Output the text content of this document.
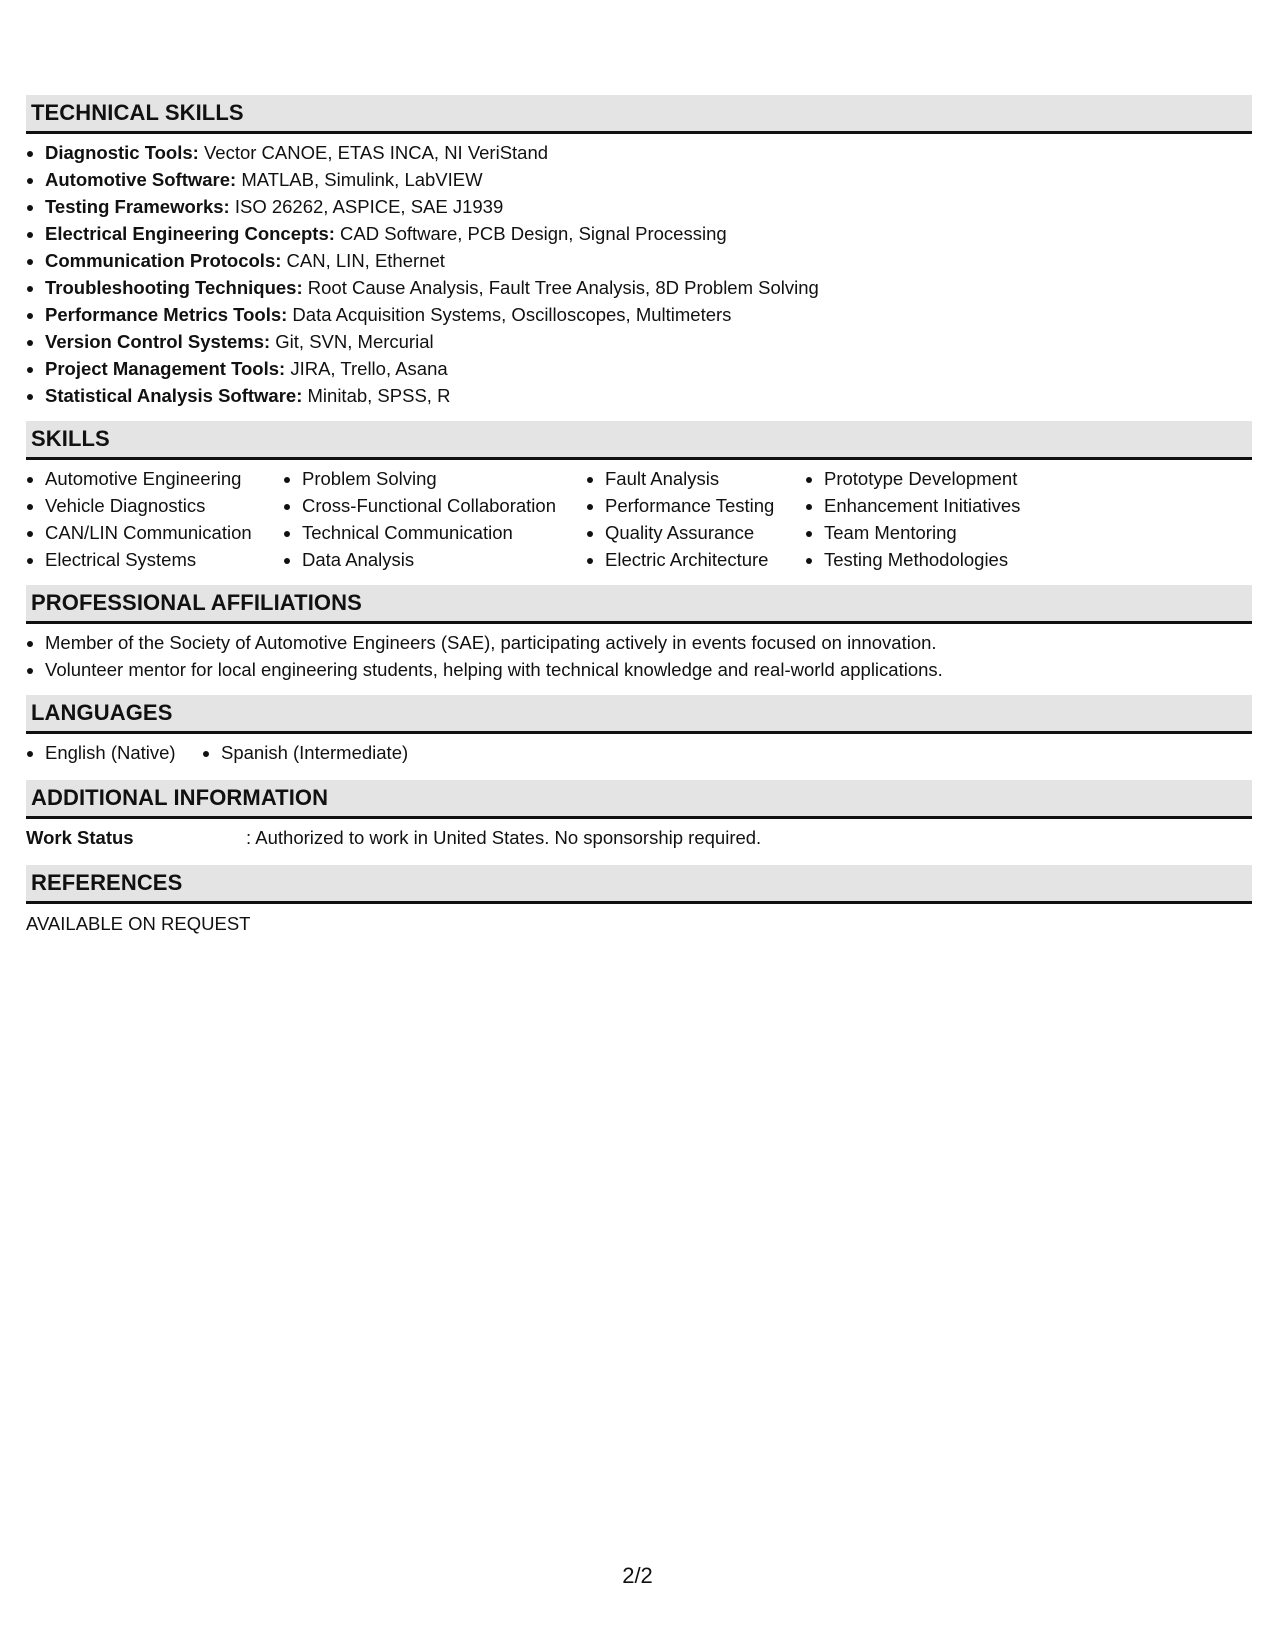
TECHNICAL SKILLS
Diagnostic Tools: Vector CANOE, ETAS INCA, NI VeriStand
Automotive Software: MATLAB, Simulink, LabVIEW
Testing Frameworks: ISO 26262, ASPICE, SAE J1939
Electrical Engineering Concepts: CAD Software, PCB Design, Signal Processing
Communication Protocols: CAN, LIN, Ethernet
Troubleshooting Techniques: Root Cause Analysis, Fault Tree Analysis, 8D Problem Solving
Performance Metrics Tools: Data Acquisition Systems, Oscilloscopes, Multimeters
Version Control Systems: Git, SVN, Mercurial
Project Management Tools: JIRA, Trello, Asana
Statistical Analysis Software: Minitab, SPSS, R
SKILLS
Automotive Engineering
Vehicle Diagnostics
CAN/LIN Communication
Electrical Systems
Problem Solving
Cross-Functional Collaboration
Technical Communication
Data Analysis
Fault Analysis
Performance Testing
Quality Assurance
Electric Architecture
Prototype Development
Enhancement Initiatives
Team Mentoring
Testing Methodologies
PROFESSIONAL AFFILIATIONS
Member of the Society of Automotive Engineers (SAE), participating actively in events focused on innovation.
Volunteer mentor for local engineering students, helping with technical knowledge and real-world applications.
LANGUAGES
English (Native)	Spanish (Intermediate)
ADDITIONAL INFORMATION
Work Status	: Authorized to work in United States. No sponsorship required.
REFERENCES
AVAILABLE ON REQUEST
2/2
